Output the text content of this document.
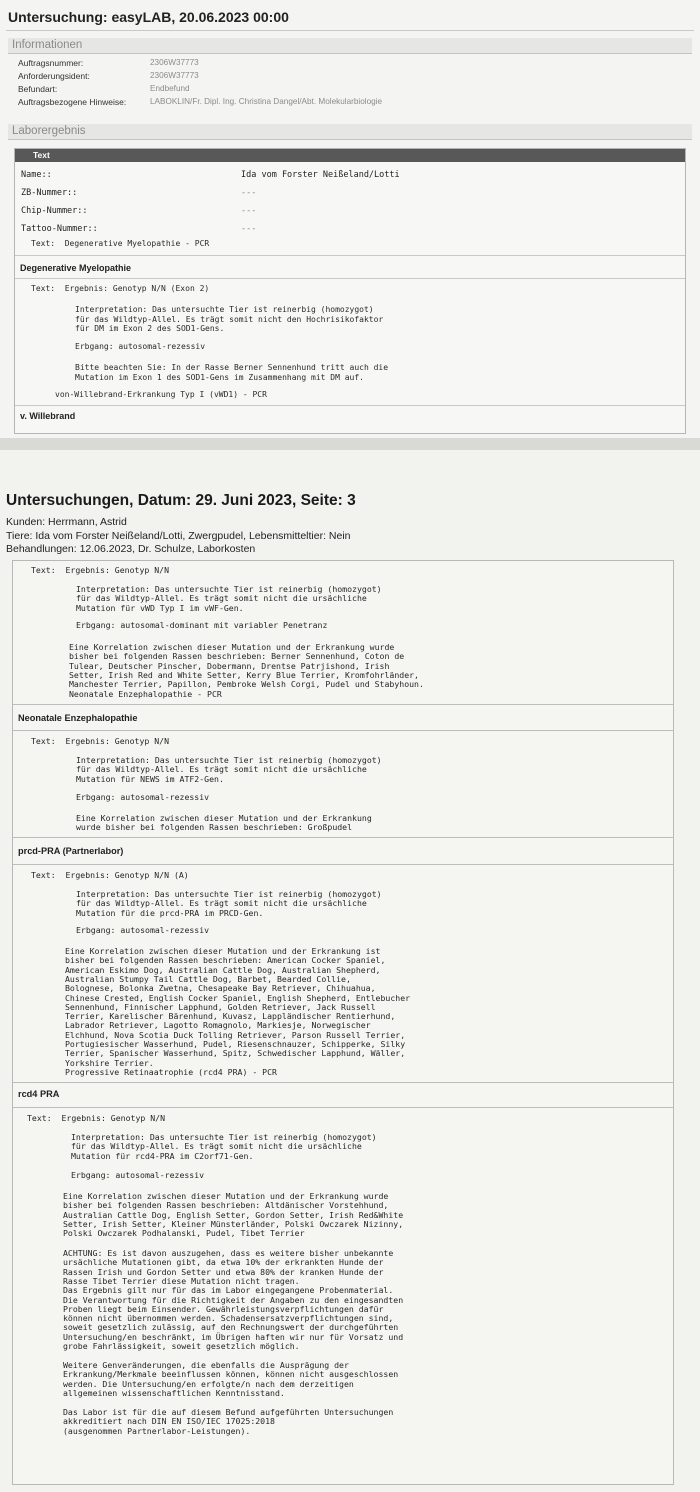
Untersuchung: easyLAB, 20.06.2023 00:00
Informationen
Auftragsnummer:	2306W37773
Anforderungsident:	2306W37773
Befundart:	Endbefund
Auftragsbezogene Hinweise:	LABOKLIN/Fr. Dipl. Ing. Christina Dangel/Abt. Molekularbiologie
Laborergebnis
Text
Name::	Ida vom Forster Neißeland/Lotti
ZB-Nummer::	---
Chip-Nummer::	---
Tattoo-Nummer::	---
Text:  Degenerative Myelopathie - PCR
Degenerative Myelopathie
Text:  Ergebnis: Genotyp N/N (Exon 2)
Interpretation: Das untersuchte Tier ist reinerbig (homozygot)
für das Wildtyp-Allel. Es trägt somit nicht den Hochrisikofaktor
für DM im Exon 2 des SOD1-Gens.
Erbgang: autosomal-rezessiv
Bitte beachten Sie: In der Rasse Berner Sennenhund tritt auch die
Mutation im Exon 1 des SOD1-Gens im Zusammenhang mit DM auf.
von-Willebrand-Erkrankung Typ I (vWD1) - PCR
v. Willebrand
Untersuchungen, Datum: 29. Juni 2023, Seite: 3
Kunden: Herrmann, Astrid
Tiere: Ida vom Forster Neißeland/Lotti, Zwergpudel, Lebensmitteltier: Nein
Behandlungen: 12.06.2023, Dr. Schulze, Laborkosten
Text:  Ergebnis: Genotyp N/N
Interpretation: Das untersuchte Tier ist reinerbig (homozygot)
für das Wildtyp-Allel. Es trägt somit nicht die ursächliche
Mutation für vWD Typ I im vWF-Gen.
Erbgang: autosomal-dominant mit variabler Penetranz
Eine Korrelation zwischen dieser Mutation und der Erkrankung wurde
bisher bei folgenden Rassen beschrieben: Berner Sennenhund, Coton de
Tulear, Deutscher Pinscher, Dobermann, Drentse Patrjishond, Irish
Setter, Irish Red and White Setter, Kerry Blue Terrier, Kromfohrländer,
Manchester Terrier, Papillon, Pembroke Welsh Corgi, Pudel und Stabyhoun.
Neonatale Enzephalopathie - PCR
Neonatale Enzephalopathie
Text:  Ergebnis: Genotyp N/N
Interpretation: Das untersuchte Tier ist reinerbig (homozygot)
für das Wildtyp-Allel. Es trägt somit nicht die ursächliche
Mutation für NEWS im ATF2-Gen.
Erbgang: autosomal-rezessiv
Eine Korrelation zwischen dieser Mutation und der Erkrankung
wurde bisher bei folgenden Rassen beschrieben: Großpudel
prcd-PRA (Partnerlabor)
Text:  Ergebnis: Genotyp N/N (A)
Interpretation: Das untersuchte Tier ist reinerbig (homozygot)
für das Wildtyp-Allel. Es trägt somit nicht die ursächliche
Mutation für die prcd-PRA im PRCD-Gen.
Erbgang: autosomal-rezessiv
Eine Korrelation zwischen dieser Mutation und der Erkrankung ist
bisher bei folgenden Rassen beschrieben: American Cocker Spaniel,
American Eskimo Dog, Australian Cattle Dog, Australian Shepherd,
Australian Stumpy Tail Cattle Dog, Barbet, Bearded Collie,
Bolognese, Bolonka Zwetna, Chesapeake Bay Retriever, Chihuahua,
Chinese Crested, English Cocker Spaniel, English Shepherd, Entlebucher
Sennenhund, Finnischer Lapphund, Golden Retriever, Jack Russell
Terrier, Karelischer Bärenhund, Kuvasz, Lappländischer Rentierhund,
Labrador Retriever, Lagotto Romagnolo, Markiesje, Norwegischer
Elchhund, Nova Scotia Duck Tolling Retriever, Parson Russell Terrier,
Portugiesischer Wasserhund, Pudel, Riesenschnauzer, Schipperke, Silky
Terrier, Spanischer Wasserhund, Spitz, Schwedischer Lapphund, Wäller,
Yorkshire Terrier.
Progressive Retinaatrophie (rcd4 PRA) - PCR
rcd4 PRA
Text:  Ergebnis: Genotyp N/N
Interpretation: Das untersuchte Tier ist reinerbig (homozygot)
für das Wildtyp-Allel. Es trägt somit nicht die ursächliche
Mutation für rcd4-PRA im C2orf71-Gen.
Erbgang: autosomal-rezessiv
Eine Korrelation zwischen dieser Mutation und der Erkrankung wurde
bisher bei folgenden Rassen beschrieben: Altdänischer Vorstehhund,
Australian Cattle Dog, English Setter, Gordon Setter, Irish Red&White
Setter, Irish Setter, Kleiner Münsterländer, Polski Owczarek Nizinny,
Polski Owczarek Podhalanski, Pudel, Tibet Terrier
ACHTUNG: Es ist davon auszugehen, dass es weitere bisher unbekannte
ursächliche Mutationen gibt, da etwa 10% der erkrankten Hunde der
Rassen Irish und Gordon Setter und etwa 80% der kranken Hunde der
Rasse Tibet Terrier diese Mutation nicht tragen.
Das Ergebnis gilt nur für das im Labor eingegangene Probenmaterial.
Die Verantwortung für die Richtigkeit der Angaben zu den eingesandten
Proben liegt beim Einsender. Gewährleistungsverpflichtungen dafür
können nicht übernommen werden. Schadensersatzverpflichtungen sind,
soweit gesetzlich zulässig, auf den Rechnungswert der durchgeführten
Untersuchung/en beschränkt, im Übrigen haften wir nur für Vorsatz und
grobe Fahrlässigkeit, soweit gesetzlich möglich.
Weitere Genveränderungen, die ebenfalls die Ausprägung der
Erkrankung/Merkmale beeinflussen können, können nicht ausgeschlossen
werden. Die Untersuchung/en erfolgte/n nach dem derzeitigen
allgemeinen wissenschaftlichen Kenntnisstand.
Das Labor ist für die auf diesem Befund aufgeführten Untersuchungen
akkreditiert nach DIN EN ISO/IEC 17025:2018
(ausgenommen Partnerlabor-Leistungen).
